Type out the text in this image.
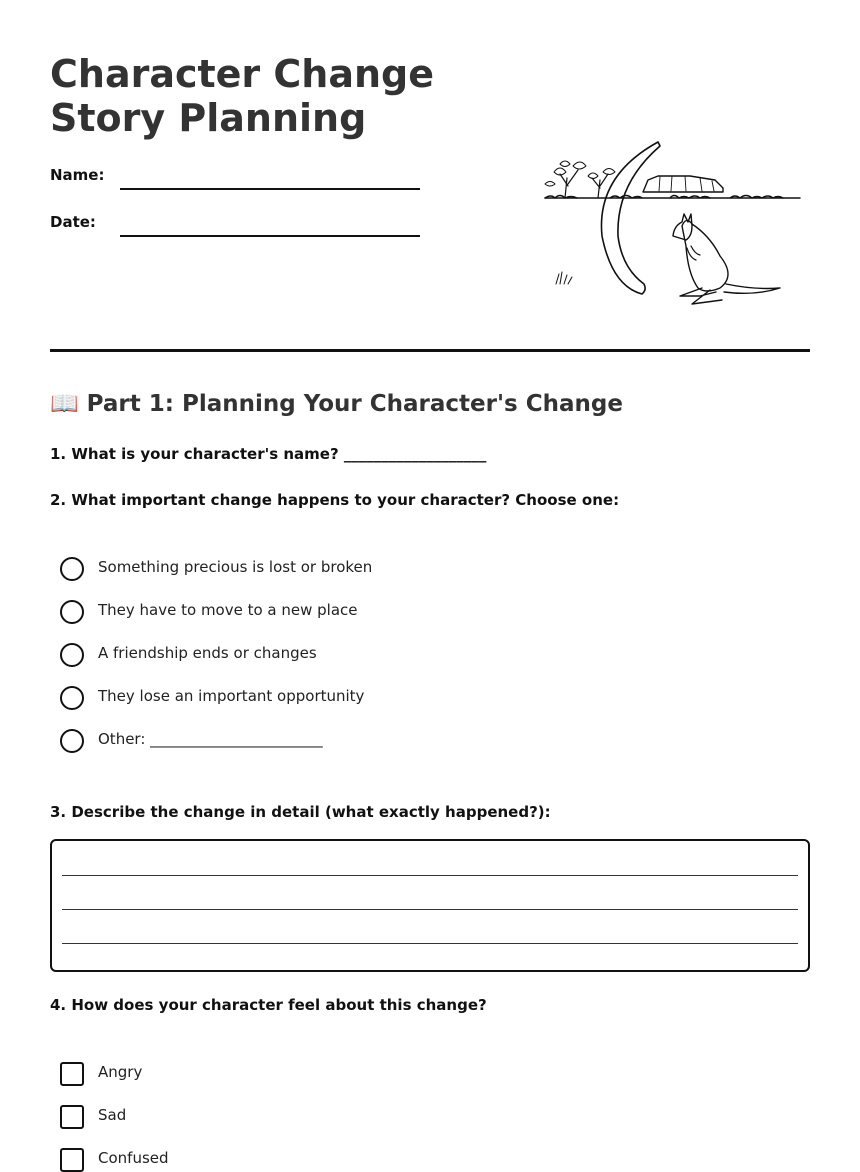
Character Change Story Planning
Name:
Date:
📖 Part 1: Planning Your Character's Change
1. What is your character's name? ___________________
2. What important change happens to your character? Choose one:
Something precious is lost or broken
They have to move to a new place
A friendship ends or changes
They lose an important opportunity
Other: _______________________
3. Describe the change in detail (what exactly happened?):
4. How does your character feel about this change?
Angry
Sad
Confused
